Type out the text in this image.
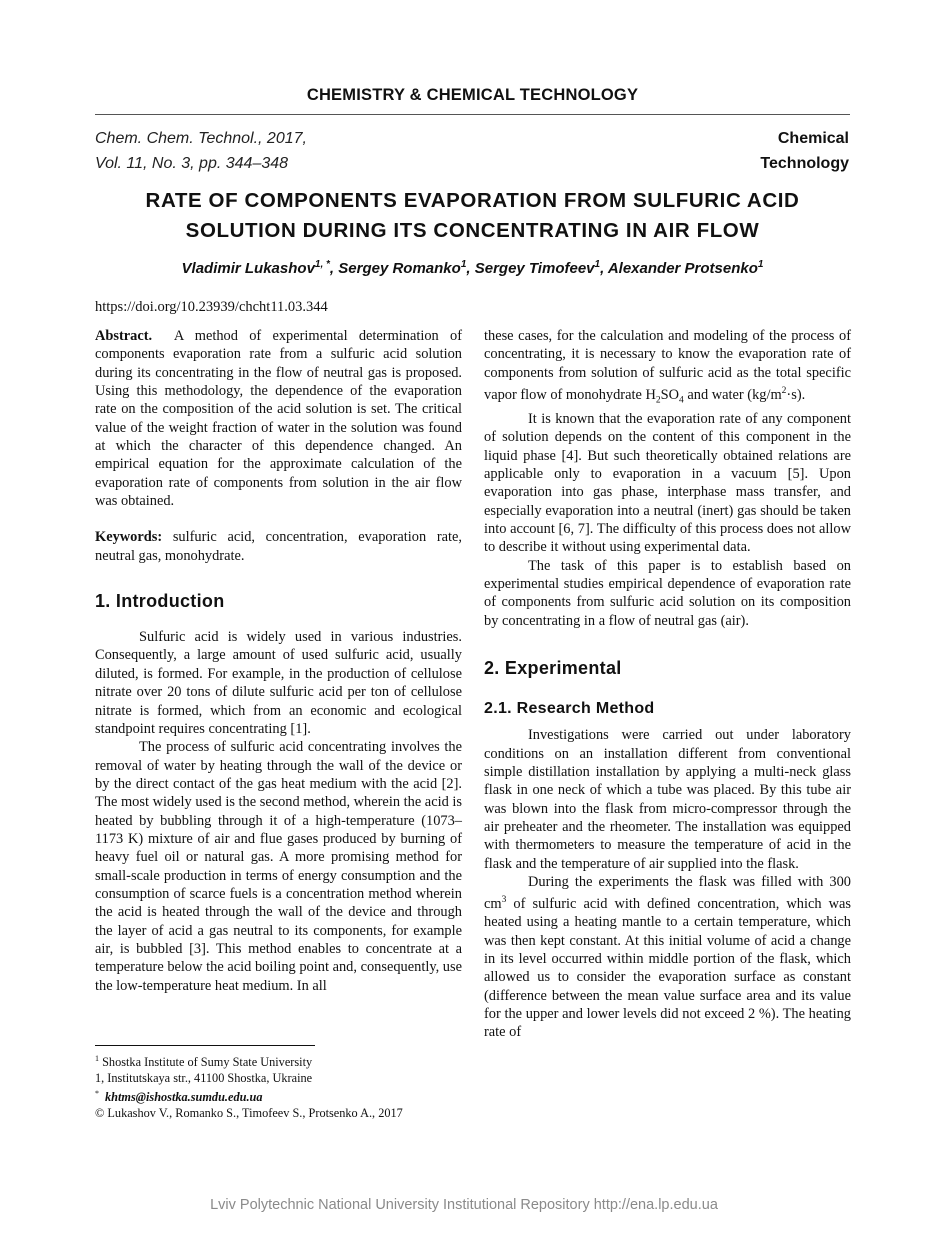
CHEMISTRY & CHEMICAL TECHNOLOGY
Chem. Chem. Technol., 2017,
Vol. 11, No. 3, pp. 344–348
Chemical
Technology
RATE OF COMPONENTS EVAPORATION FROM SULFURIC ACID
SOLUTION DURING ITS CONCENTRATING IN AIR FLOW
Vladimir Lukashov$^{1, *}$, Sergey Romanko$^1$, Sergey Timofeev$^1$, Alexander Protsenko$^1$
https://doi.org/10.23939/chcht11.03.344

Abstract. A method of experimental determination of components evaporation rate from a sulfuric acid solution during its concentrating in the flow of neutral gas is proposed. Using this methodology, the dependence of the evaporation rate on the composition of the acid solution is set. The critical value of the weight fraction of water in the solution was found at which the character of this dependence changed. An empirical equation for the approximate calculation of the evaporation rate of components from solution in the air flow was obtained.

Keywords: sulfuric acid, concentration, evaporation rate, neutral gas, monohydrate.

1. Introduction

Sulfuric acid is widely used in various industries. Consequently, a large amount of used sulfuric acid, usually diluted, is formed. For example, in the production of cellulose nitrate over 20 tons of dilute sulfuric acid per ton of cellulose nitrate is formed, which from an economic and ecological standpoint requires concentrating [1].

The process of sulfuric acid concentrating involves the removal of water by heating through the wall of the device or by the direct contact of the gas heat medium with the acid [2]. The most widely used is the second method, wherein the acid is heated by bubbling through it of a high-temperature (1073–1173 K) mixture of air and flue gases produced by burning of heavy fuel oil or natural gas. A more promising method for small-scale production in terms of energy consumption and the consumption of scarce fuels is a concentration method wherein the acid is heated through the wall of the device and through the layer of acid a gas neutral to its components, for example air, is bubbled [3]. This method enables to concentrate at a temperature below the acid boiling point and, consequently, use the low-temperature heat medium. In all

these cases, for the calculation and modeling of the process of concentrating, it is necessary to know the evaporation rate of components from solution of sulfuric acid as the total specific vapor flow of monohydrate $H_2SO_4$ and water $(kg/m^2\cdot s)$.

It is known that the evaporation rate of any component of solution depends on the content of this component in the liquid phase [4]. But such theoretically obtained relations are applicable only to evaporation in a vacuum [5]. Upon evaporation into gas phase, interphase mass transfer, and especially evaporation into a neutral (inert) gas should be taken into account [6, 7]. The difficulty of this process does not allow to describe it without using experimental data.

The task of this paper is to establish based on experimental studies empirical dependence of evaporation rate of components from sulfuric acid solution on its composition by concentrating in a flow of neutral gas (air).

2. Experimental
2.1. Research Method

Investigations were carried out under laboratory conditions on an installation different from conventional simple distillation installation by applying a multi-neck glass flask in one neck of which a tube was placed. By this tube air was blown into the flask from micro-compressor through the air preheater and the rheometer. The installation was equipped with thermometers to measure the temperature of acid in the flask and the temperature of air supplied into the flask.

During the experiments the flask was filled with 300 $cm^3$ of sulfuric acid with defined concentration, which was heated using a heating mantle to a certain temperature, which was then kept constant. At this initial volume of acid a change in its level occurred within middle portion of the flask, which allowed us to consider the evaporation surface as constant (difference between the mean value surface area and its value for the upper and lower levels did not exceed 2 %). The heating rate of

$^1$ Shostka Institute of Sumy State University

1, Institutskaya str., 41100 Shostka, Ukraine

* khtms@ishostka.sumdu.edu.ua

© Lukashov V., Romanko S., Timofeev S., Protsenko A., 2017

Lviv Polytechnic National University Institutional Repository http://ena.lp.edu.ua
